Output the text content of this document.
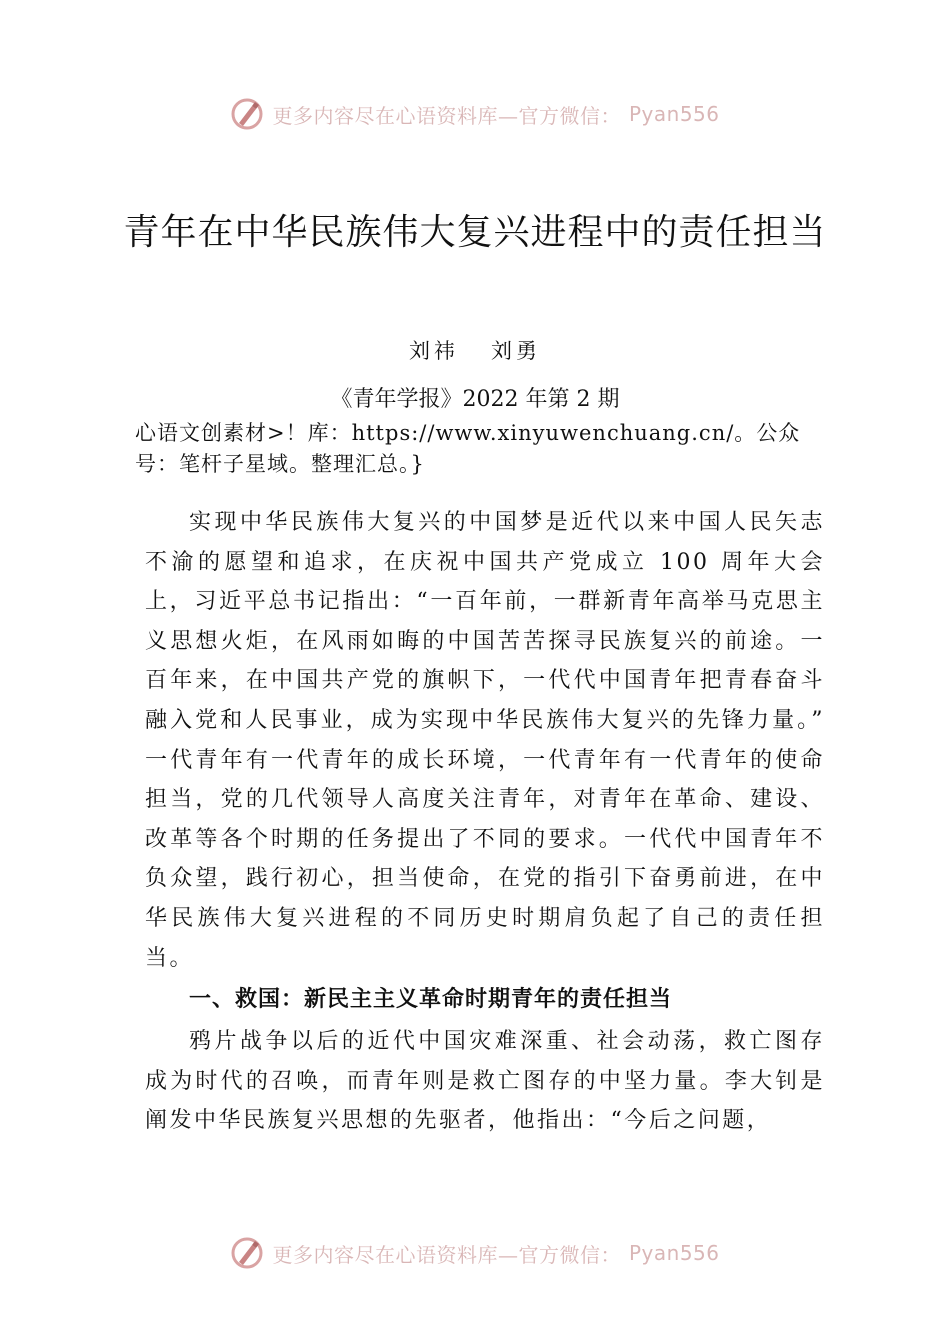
更多内容尽在心语资料库—官方微信： Pyan556
青年在中华民族伟大复兴进程中的责任担当
刘祎   刘勇
《青年学报》2022 年第 2 期

心语文创素材>！库：https://www.xinyuwenchuang.cn/。公众号：笔杆子星域。整理汇总。}

实现中华民族伟大复兴的中国梦是近代以来中国人民矢志不渝的愿望和追求，在庆祝中国共产党成立 100 周年大会上，习近平总书记指出：“一百年前，一群新青年高举马克思主义思想火炬，在风雨如晦的中国苦苦探寻民族复兴的前途。一百年来，在中国共产党的旗帜下，一代代中国青年把青春奋斗融入党和人民事业，成为实现中华民族伟大复兴的先锋力量。” 一代青年有一代青年的成长环境，一代青年有一代青年的使命担当，党的几代领导人高度关注青年，对青年在革命、建设、改革等各个时期的任务提出了不同的要求。一代代中国青年不负众望，践行初心，担当使命，在党的指引下奋勇前进，在中华民族伟大复兴进程的不同历史时期肩负起了自己的责任担当。

一、救国：新民主主义革命时期青年的责任担当

鸦片战争以后的近代中国灾难深重、社会动荡，救亡图存成为时代的召唤，而青年则是救亡图存的中坚力量。李大钊是阐发中华民族复兴思想的先驱者，他指出：“今后之问题，

更多内容尽在心语资料库—官方微信： Pyan556
